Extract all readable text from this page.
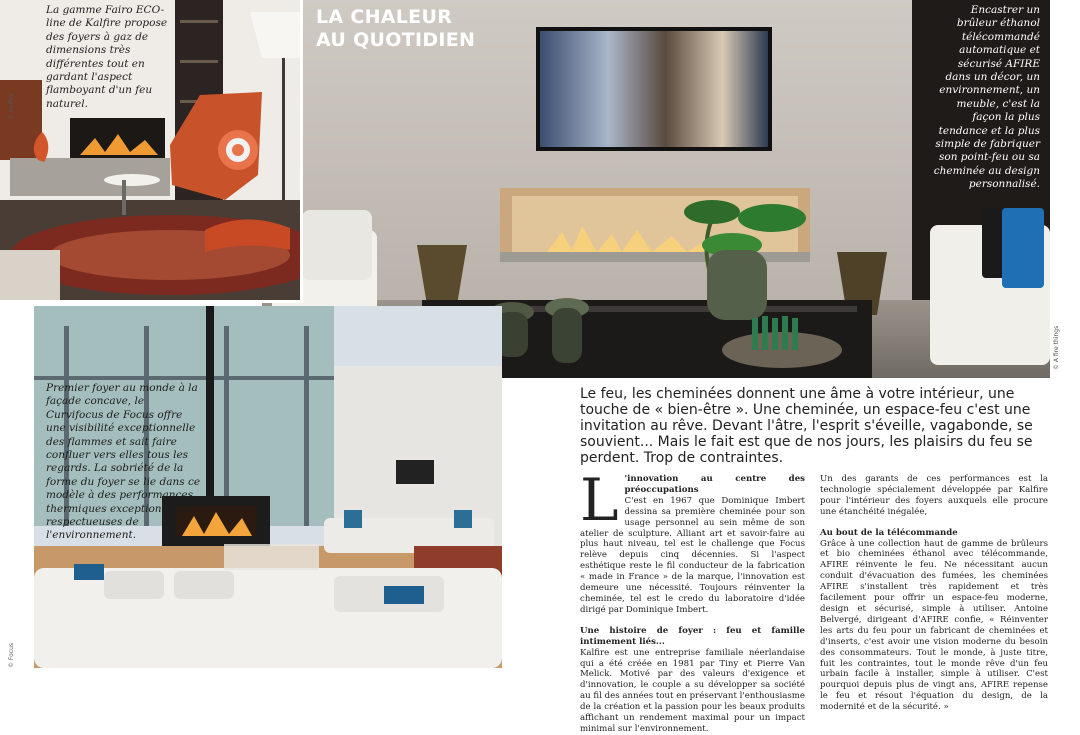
LA CHALEUR
AU QUOTIDIEN
La gamme Fairo ECO-line de Kalfire propose des foyers à gaz de dimensions très différentes tout en gardant l'aspect flamboyant d'un feu naturel.
Encastrer un brûleur éthanol télécommandé automatique et sécurisé AFIRE dans un décor, un environnement, un meuble, c'est la façon la plus tendance et la plus simple de fabriquer son point-feu ou sa cheminée au design personnalisé.
Premier foyer au monde à la façade concave, le Curvifocus de Focus offre une visibilité exceptionnelle des flammes et sait faire confluer vers elles tous les regards. La sobriété de la forme du foyer se lie dans ce modèle à des performances thermiques exceptionnelles, respectueuses de l'environnement.
© Kalfire
© A fire things
© Focus
Le feu, les cheminées donnent une âme à votre intérieur, une touche de « bien-être ». Une cheminée, un espace-feu c'est une invitation au rêve. Devant l'âtre, l'esprit s'éveille, vagabonde, se souvient... Mais le fait est que de nos jours, les plaisirs du feu se perdent. Trop de contraintes.
L 'innovation au centre des préoccupations

C'est en 1967 que Dominique Imbert dessina sa première cheminée pour son usage personnel au sein même de son atelier de sculpture. Alliant art et savoir-faire au plus haut niveau, tel est le challenge que Focus relève depuis cinq décennies. Si l'aspect esthétique reste le fil conducteur de la fabrication « made in France » de la marque, l'innovation est demeure une nécessité. Toujours réinventer la cheminée, tel est le credo du laboratoire d'idée dirigé par Dominique Imbert.

Une histoire de foyer : feu et famille intimement liés...

Kalfire est une entreprise familiale néerlandaise qui a été créée en 1981 par Tiny et Pierre Van Melick. Motivé par des valeurs d'exigence et d'innovation, le couple a su développer sa société au fil des années tout en préservant l'enthousiasme de la création et la passion pour les beaux produits affichant un rendement maximal pour un impact minimal sur l'environnement.

Un des garants de ces performances est la technologie spécialement développée par Kalfire pour l'intérieur des foyers auxquels elle procure une étanchéité inégalée,

Au bout de la télécommande

Grâce à une collection haut de gamme de brûleurs et bio cheminées éthanol avec télécommande, AFIRE réinvente le feu. Ne nécessitant aucun conduit d'évacuation des fumées, les cheminées AFIRE s'installent très rapidement et très facilement pour offrir un espace-feu moderne, design et sécurisé, simple à utiliser. Antoine Belvergé, dirigeant d'AFIRE confie, « Réinventer les arts du feu pour un fabricant de cheminées et d'inserts, c'est avoir une vision moderne du besoin des consommateurs. Tout le monde, à juste titre, fuit les contraintes, tout le monde rêve d'un feu urbain facile à installer, simple à utiliser. C'est pourquoi depuis plus de vingt ans, AFIRE repense le feu et résout l'équation du design, de la modernité et de la sécurité. »
